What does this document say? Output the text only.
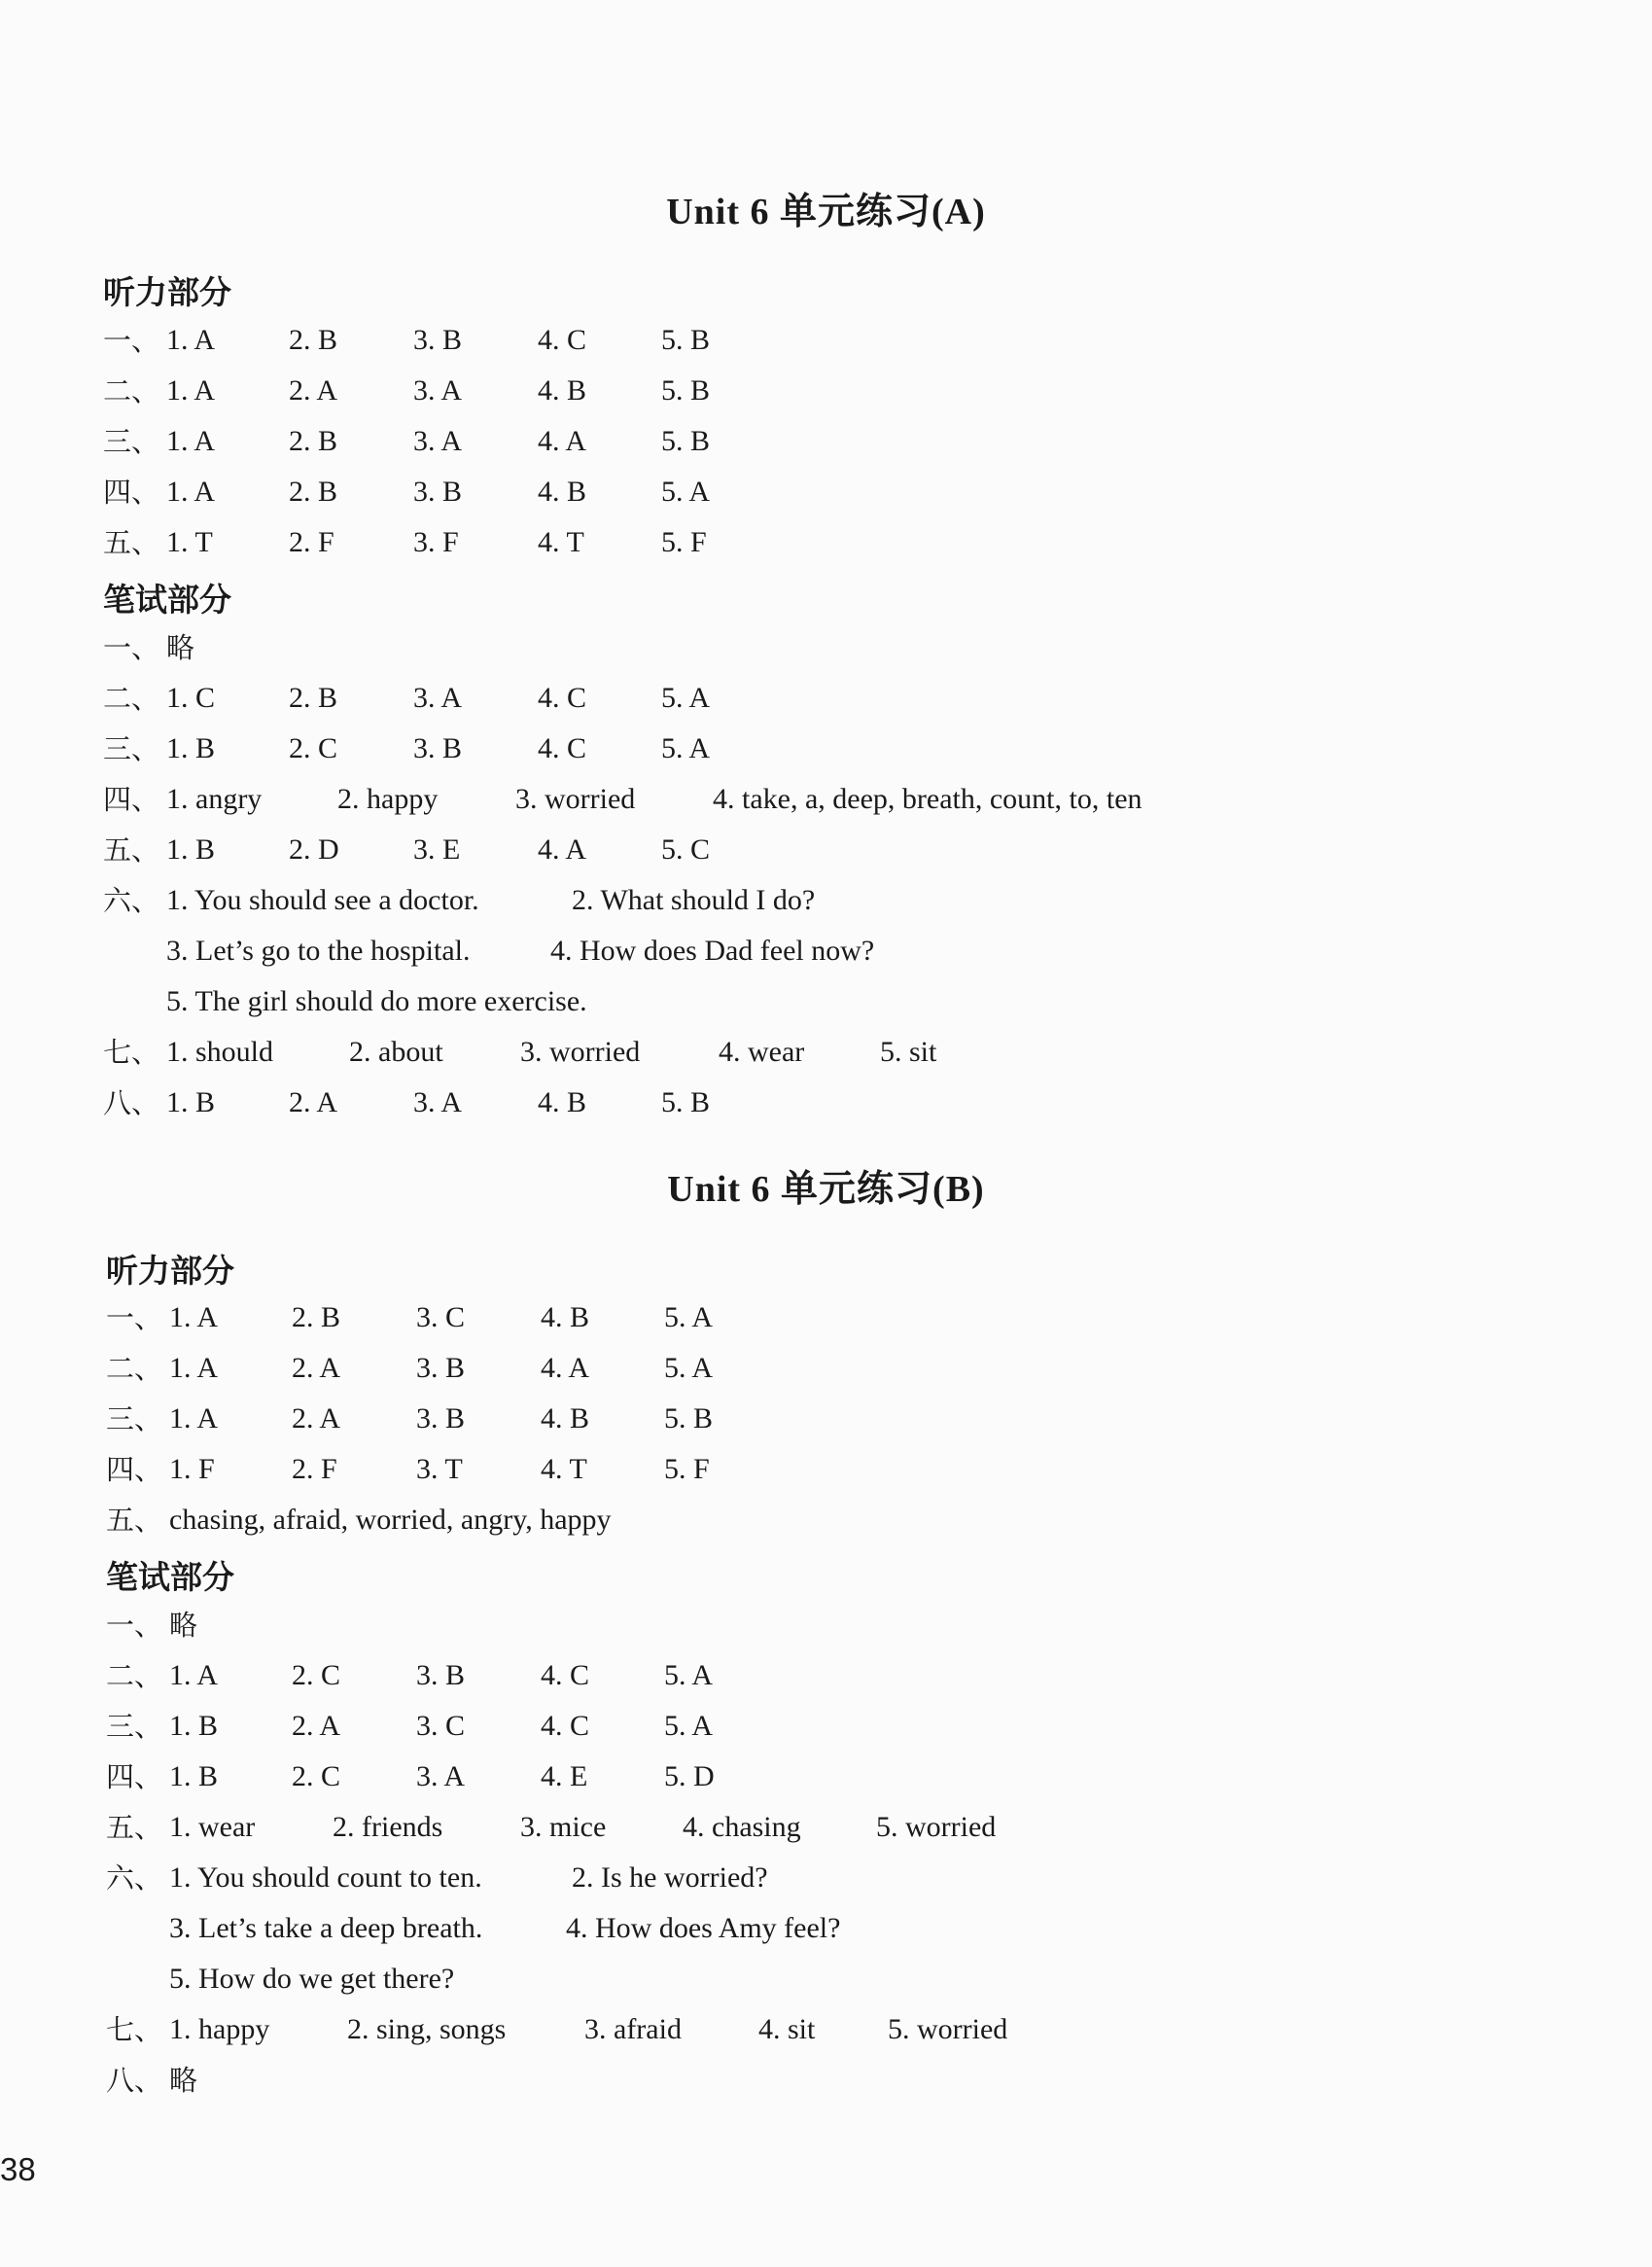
Unit 6 单元练习(A)
听力部分
一、 1. A	2. B	3. B	4. C	5. B
二、 1. A	2. A	3. A	4. B	5. B
三、 1. A	2. B	3. A	4. A	5. B
四、 1. A	2. B	3. B	4. B	5. A
五、 1. T	2. F	3. F	4. T	5. F
笔试部分
一、 略
二、 1. C	2. B	3. A	4. C	5. A
三、 1. B	2. C	3. B	4. C	5. A
四、 1. angry	2. happy	3. worried	4. take, a, deep, breath, count, to, ten
五、 1. B	2. D	3. E	4. A	5. C
六、 1. You should see a doctor.	2. What should I do?
3. Let’s go to the hospital.	4. How does Dad feel now?
5. The girl should do more exercise.
七、 1. should	2. about	3. worried	4. wear	5. sit
八、 1. B	2. A	3. A	4. B	5. B
Unit 6 单元练习(B)
听力部分
一、 1. A	2. B	3. C	4. B	5. A
二、 1. A	2. A	3. B	4. A	5. A
三、 1. A	2. A	3. B	4. B	5. B
四、 1. F	2. F	3. T	4. T	5. F
五、 chasing, afraid, worried, angry, happy
笔试部分
一、 略
二、 1. A	2. C	3. B	4. C	5. A
三、 1. B	2. A	3. C	4. C	5. A
四、 1. B	2. C	3. A	4. E	5. D
五、 1. wear	2. friends	3. mice	4. chasing	5. worried
六、 1. You should count to ten.	2. Is he worried?
3. Let’s take a deep breath.	4. How does Amy feel?
5. How do we get there?
七、 1. happy	2. sing, songs	3. afraid	4. sit 5. worried
八、 略
38
